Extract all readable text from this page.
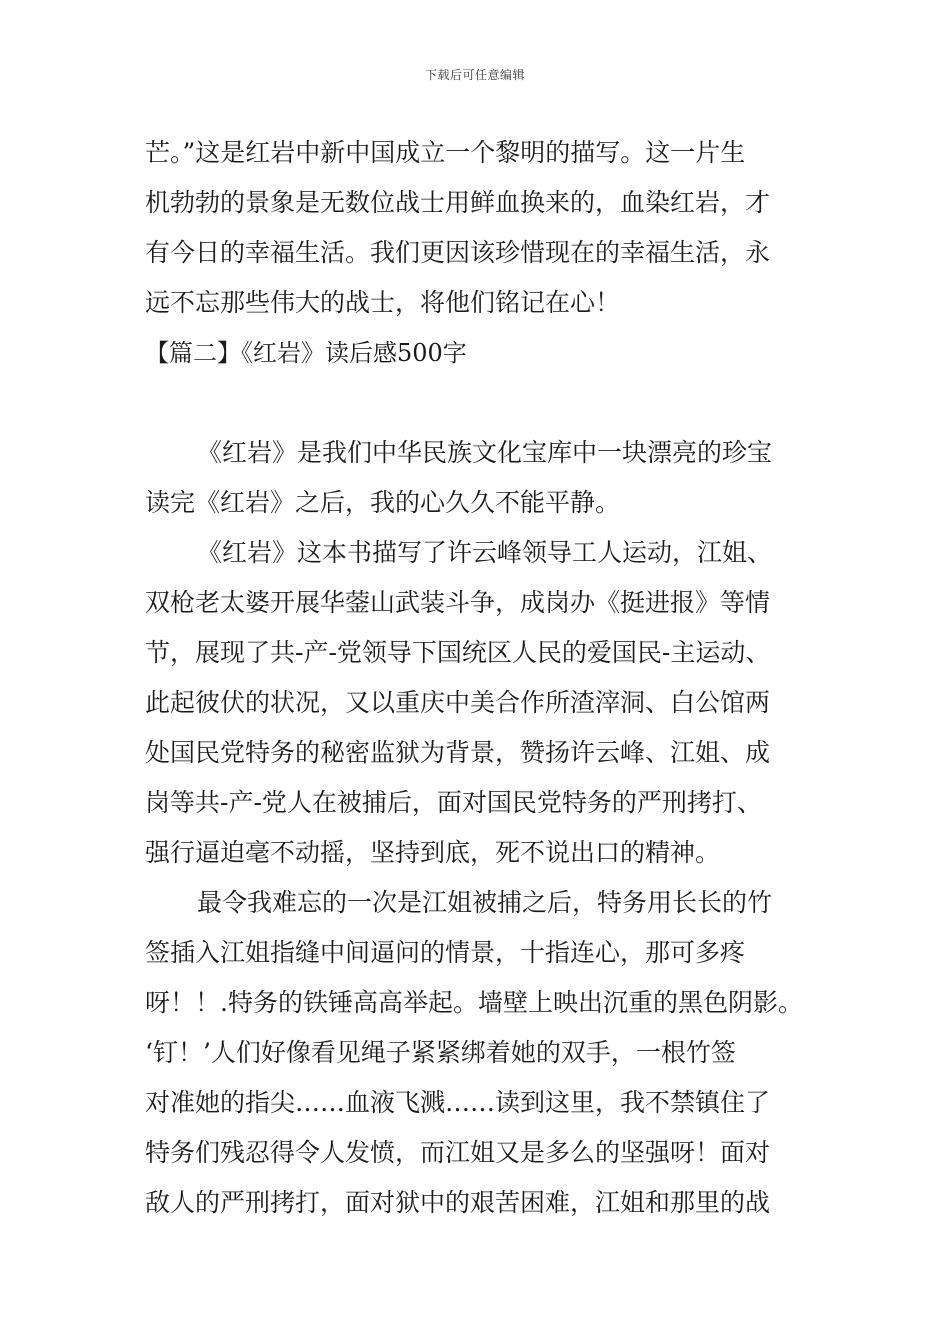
下载后可任意编辑
芒。”这是红岩中新中国成立一个黎明的描写。这一片生
机勃勃的景象是无数位战士用鲜血换来的，血染红岩，才
有今日的幸福生活。我们更因该珍惜现在的幸福生活，永
远不忘那些伟大的战士，将他们铭记在心！
【篇二】《红岩》读后感500字
《红岩》是我们中华民族文化宝库中一块漂亮的珍宝
读完《红岩》之后，我的心久久不能平静。
《红岩》这本书描写了许云峰领导工人运动，江姐、
双枪老太婆开展华蓥山武装斗争，成岗办《挺进报》等情
节，展现了共-产-党领导下国统区人民的爱国民-主运动、
此起彼伏的状况，又以重庆中美合作所渣滓洞、白公馆两
处国民党特务的秘密监狱为背景，赞扬许云峰、江姐、成
岗等共-产-党人在被捕后，面对国民党特务的严刑拷打、
强行逼迫毫不动摇，坚持到底，死不说出口的精神。
最令我难忘的一次是江姐被捕之后，特务用长长的竹
签插入江姐指缝中间逼问的情景，十指连心，那可多疼
呀！！.特务的铁锤高高举起。墙壁上映出沉重的黑色阴影。
‘钉！’人们好像看见绳子紧紧绑着她的双手，一根竹签
对准她的指尖……血液飞溅……读到这里，我不禁镇住了
特务们残忍得令人发愤，而江姐又是多么的坚强呀！面对
敌人的严刑拷打，面对狱中的艰苦困难，江姐和那里的战
